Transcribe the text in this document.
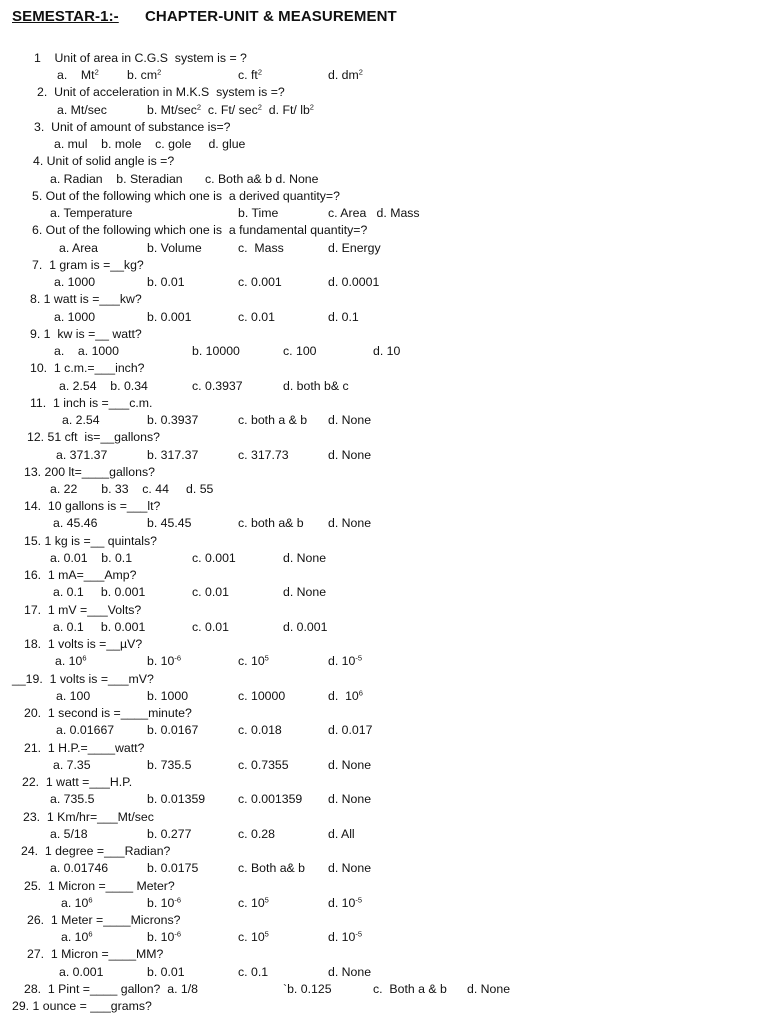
SEMESTAR-1:- CHAPTER-UNIT & MEASUREMENT
1    Unit of area in C.G.S  system is = ?
a.    Mt$^2$ b. $cm^2$	c. $ft^2$	d. $dm^2$
2.  Unit of acceleration in M.K.S  system is =?
a. Mt/sec	b. $Mt/\sec^2$  c. Ft/ $\sec^2 d$. Ft/ $lb^2$
3.  Unit of amount of substance is=?
a. mul    b. mole    c. gole     d. glue
4. Unit of solid angle is =?
a. Radian    b. Steradian c. Both a& b d. None
5. Out of the following which one is  a derived quantity=?
a. Temperature	b. Time	c. Area   d. Mass
6. Out of the following which one is  a fundamental quantity=?
a. Area	b. Volume	c.  Mass	d. Energy
7.  1 gram is =__kg?
a. 1000	b. 0.01	c. 0.001	d. 0.0001
8. 1 watt is =___kw?
a. 1000	b. 0.001	c. 0.01	d. 0.1
9. 1  kw is =__ watt?
a.    a. 1000	b. 10000	c. 100	d. 10
10.  1 c.m.=___inch?
a. 2.54    b. 0.34	c. 0.3937	d. both b& c
11.  1 inch is =___c.m.
a. 2.54	b. 0.3937	c. both a & b d. None
12. 51 cft  is=__gallons?
a. 371.37	b. 317.37	c. 317.73	d. None
13. 200 lt=____gallons?
a. 22       b. 33    c. 44     d. 55
14.  10 gallons is =___lt?
a. 45.46	b. 45.45	c. both a& b d. None
15. 1 kg is =__ quintals?
a. 0.01    b. 0.1	c. 0.001	d. None
16.  1 mA=___Amp?
a. 0.1     b. 0.001	c. 0.01	d. None
17.  1 mV =___Volts?
a. 0.1     b. 0.001	c. 0.01	d. 0.001
18.  1 volts is =__µV?
a. $10^6$	b. $10^{-6}$	c. $10^5$	d. $10^{-5}$
__19.  1 volts is =___mV?
a. 100	b. 1000	c. 10000	d.  $10^6$
20.  1 second is =____minute?
a. 0.01667	b. 0.0167	c. 0.018	d. 0.017
21.  1 H.P.=____watt?
a. 7.35	b. 735.5	c. 0.7355	d. None
22.  1 watt =___H.P.
a. 735.5	b. 0.01359	c. 0.001359 d. None
23.  1 Km/hr=___Mt/sec
a. 5/18	b. 0.277	c. 0.28	d. All
24.  1 degree =___Radian?
a. 0.01746	b. 0.0175	c. Both a& b d. None
25.  1 Micron =____ Meter?
a. $10^6$	b. $10^{-6}$	c. $10^5$	d. $10^{-5}$
26.  1 Meter =____Microns?
a. $10^6$	b. $10^{-6}$	c. $10^5$	d. $10^{-5}$
27.  1 Micron =____MM?
a. 0.001	b. 0.01	c. 0.1	d. None
28.  1 Pint =____ gallon?  a. 1/8	`b. 0.125	c.  Both a & b d. None
29. 1 ounce = ___grams?
